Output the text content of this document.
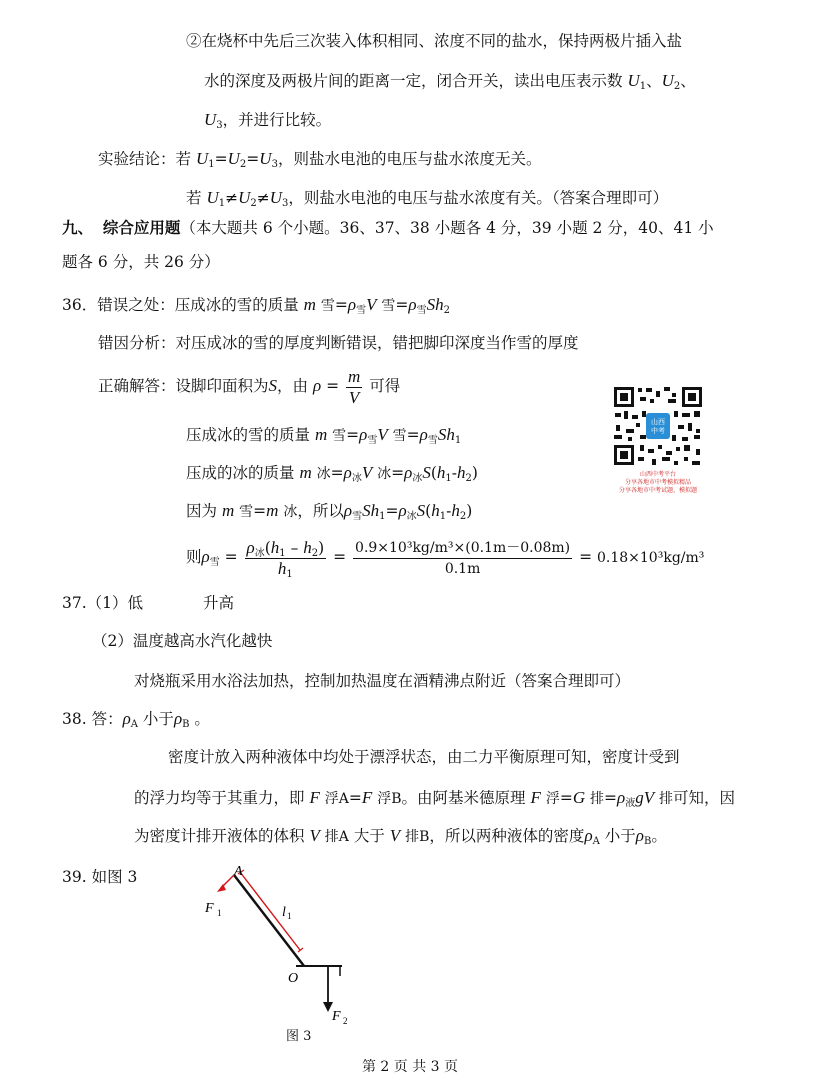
②在烧杯中先后三次装入体积相同、浓度不同的盐水，保持两极片插入盐
水的深度及两极片间的距离一定，闭合开关，读出电压表示数 $U_1$、$U_2$、
$U_3$，并进行比较。
实验结论：若 $U_1=U_2=U_3$，则盐水电池的电压与盐水浓度无关。
若 $U_1\ne U_2\ne U_3$，则盐水电池的电压与盐水浓度有关。（答案合理即可）
九、 综合应用题（本大题共 6 个小题。36、37、38 小题各 4 分，39 小题 2 分，40、41 小
题各 6 分，共 26 分）
36．错误之处：压成冰的雪的质量 m 雪$=\rho_雪V$ 雪$=\rho_雪Sh_2$
错因分析：对压成冰的雪的厚度判断错误，错把脚印深度当作雪的厚度
正确解答：设脚印面积为S，由 $\rho = \frac{m}{V}$ 可得
压成冰的雪的质量 m 雪$=\rho_雪V$ 雪$=\rho_雪Sh_1$
压成的冰的质量 m 冰$=\rho_冰V$ 冰$=\rho_冰S(h_1-h_2)$
因为 m 雪=m 冰，所以$\rho_雪Sh_1=\rho_冰S(h_1-h_2)$
则$\rho_雪 = \frac{\rho_冰(h_1 - h_2)}{h_1} = \frac{\text{0.9×10³kg/m³×(0.1m－0.08m)}}{0.1m} = 0.18\times 10^3kg/m^3$
山西中考
山西中考平台
分享各地市中考模拟精品
分享各地市中考试题、模拟题
37.（1）低	升高
（2）温度越高水汽化越快
对烧瓶采用水浴法加热，控制加热温度在酒精沸点附近（答案合理即可）
38. 答：$\rho_A$ 小于$\rho_B$ 。
密度计放入两种液体中均处于漂浮状态，由二力平衡原理可知，密度计受到
的浮力均等于其重力，即 F 浮A=F 浮B。由阿基米德原理 F 浮=G 排$=\rho_液gV$ 排可知，因
为密度计排开液体的体积 V 排A 大于 V 排B，所以两种液体的密度$\rho_A$ 小于$\rho_B$。
39. 如图 3	A
F 1	l 1
O
F 2
图 3
第 2 页 共 3 页
